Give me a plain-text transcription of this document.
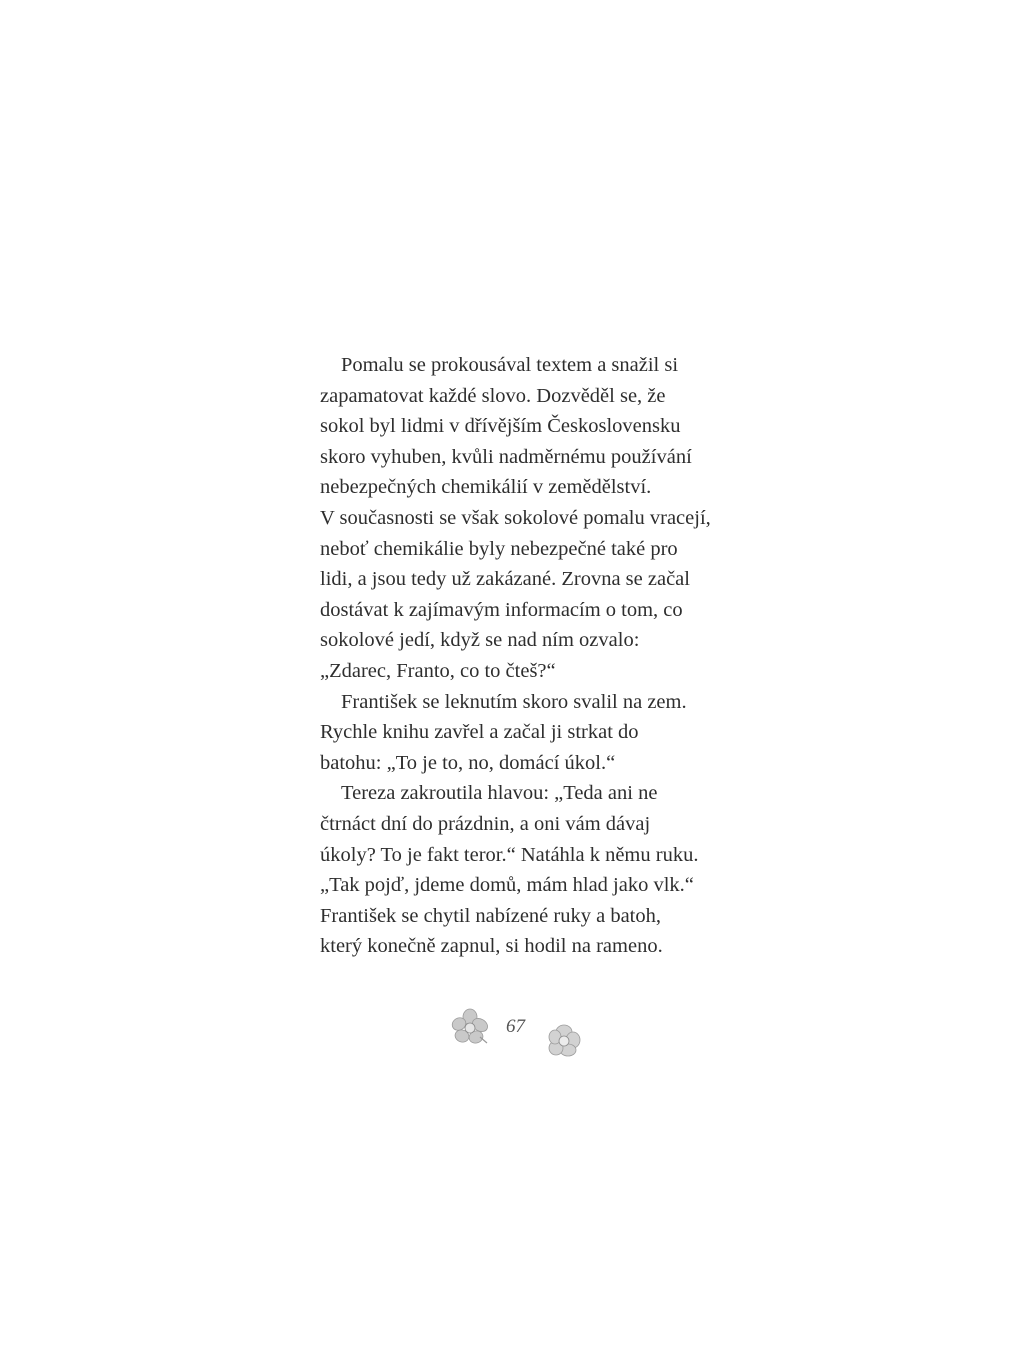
Pomalu se prokousával textem a snažil si
zapamatovat každé slovo. Dozvěděl se, že
sokol byl lidmi v dřívějším Československu
skoro vyhuben, kvůli nadměrnému používání
nebezpečných chemikálií v zemědělství.
V současnosti se však sokolové pomalu vracejí,
neboť chemikálie byly nebezpečné také pro
lidi, a jsou tedy už zakázané. Zrovna se začal
dostávat k zajímavým informacím o tom, co
sokolové jedí, když se nad ním ozvalo:
„Zdarec, Franto, co to čteš?“
František se leknutím skoro svalil na zem.
Rychle knihu zavřel a začal ji strkat do
batohu: „To je to, no, domácí úkol.“
Tereza zakroutila hlavou: „Teda ani ne
čtrnáct dní do prázdnin, a oni vám dávaj
úkoly? To je fakt teror.“ Natáhla k němu ruku.
„Tak pojď, jdeme domů, mám hlad jako vlk.“
František se chytil nabízené ruky a batoh,
který konečně zapnul, si hodil na rameno.
67
